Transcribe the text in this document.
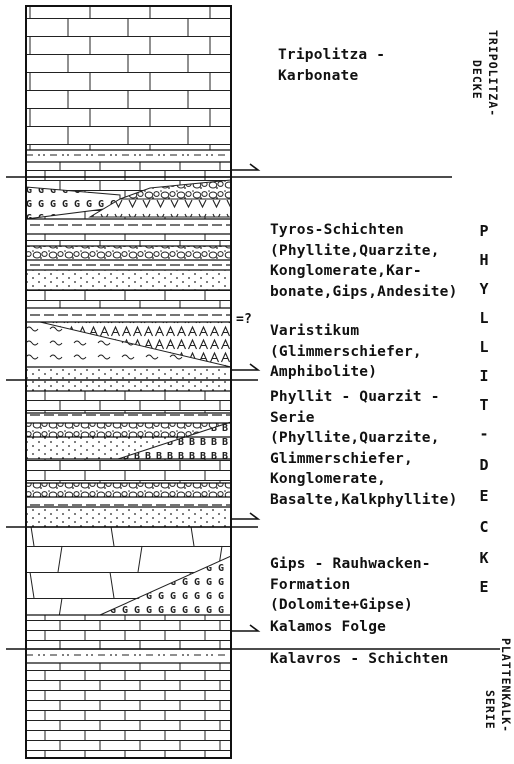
=?
Tripolitza -
Karbonate
Tyros-Schichten
(Phyllite,Quarzite,
Konglomerate,Kar-
bonate,Gips,Andesite)
Varistikum
(Glimmerschiefer,
Amphibolite)
Phyllit - Quarzit -
Serie
(Phyllite,Quarzite,
Glimmerschiefer,
Konglomerate,
Basalte,Kalkphyllite)
Gips - Rauhwacken-
Formation
(Dolomite+Gipse)
Kalamos Folge
Kalavros - Schichten
TRIPOLITZA-
DECKE
P
H
Y
L
L
I
T
-
D
E
C
K
E
PLATTENKALK-
SERIE
